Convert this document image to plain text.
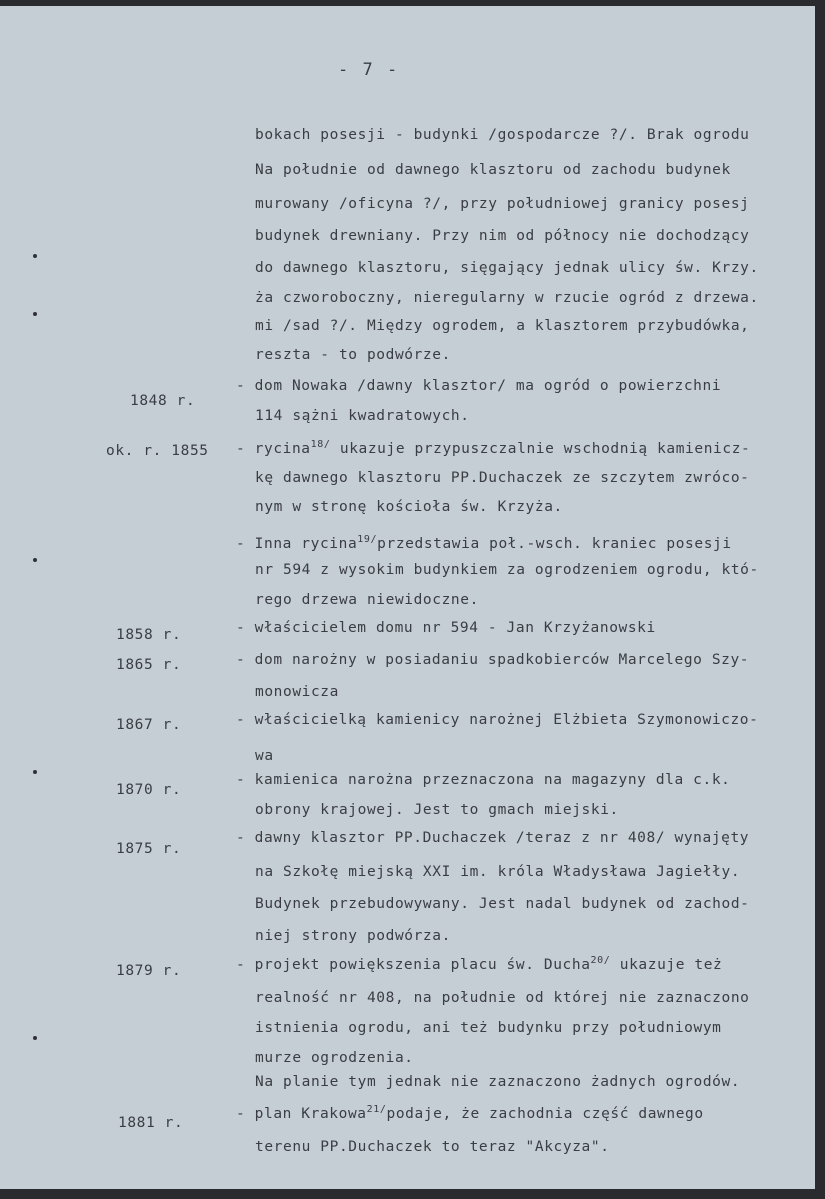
- 7 -
bokach posesji - budynki /gospodarcze ?/. Brak ogrodu
Na południe od dawnego klasztoru od zachodu budynek
murowany /oficyna ?/, przy południowej granicy posesj
budynek drewniany. Przy nim od północy nie dochodzący
do dawnego klasztoru, sięgający jednak ulicy św. Krzy.
ża czworoboczny, nieregularny w rzucie ogród z drzewa.
mi /sad ?/. Między ogrodem, a klasztorem przybudówka,
reszta - to podwórze.
1848 r.
- dom Nowaka /dawny klasztor/ ma ogród o powierzchni
114 sążni kwadratowych.
ok. r. 1855 - rycina$^{18/}$ ukazuje przypuszczalnie wschodnią kamienicz-
kę dawnego klasztoru PP.Duchaczek ze szczytem zwróco-
nym w stronę kościoła św. Krzyża.
- Inna rycina$^{19/}$przedstawia poł.-wsch. kraniec posesji
nr 594 z wysokim budynkiem za ogrodzeniem ogrodu, któ-
rego drzewa niewidoczne.
1858 r.	- właścicielem domu nr 594 - Jan Krzyżanowski
1865 r.	- dom narożny w posiadaniu spadkobierców Marcelego Szy-
monowicza
1867 r.	- właścicielką kamienicy narożnej Elżbieta Szymonowiczo-
wa
1870 r.
- kamienica narożna przeznaczona na magazyny dla c.k.
obrony krajowej. Jest to gmach miejski.
1875 r.
- dawny klasztor PP.Duchaczek /teraz z nr 408/ wynajęty
na Szkołę miejską XXI im. króla Władysława Jagiełły.
Budynek przebudowywany. Jest nadal budynek od zachod-
niej strony podwórza.
1879 r.	- projekt powiększenia placu św. Ducha$^{20/}$ ukazuje też
realność nr 408, na południe od której nie zaznaczono
istnienia ogrodu, ani też budynku przy południowym
murze ogrodzenia.
Na planie tym jednak nie zaznaczono żadnych ogrodów.
1881 r.
- plan Krakowa$^{21/}$podaje, że zachodnia część dawnego
terenu PP.Duchaczek to teraz "Akcyza".
